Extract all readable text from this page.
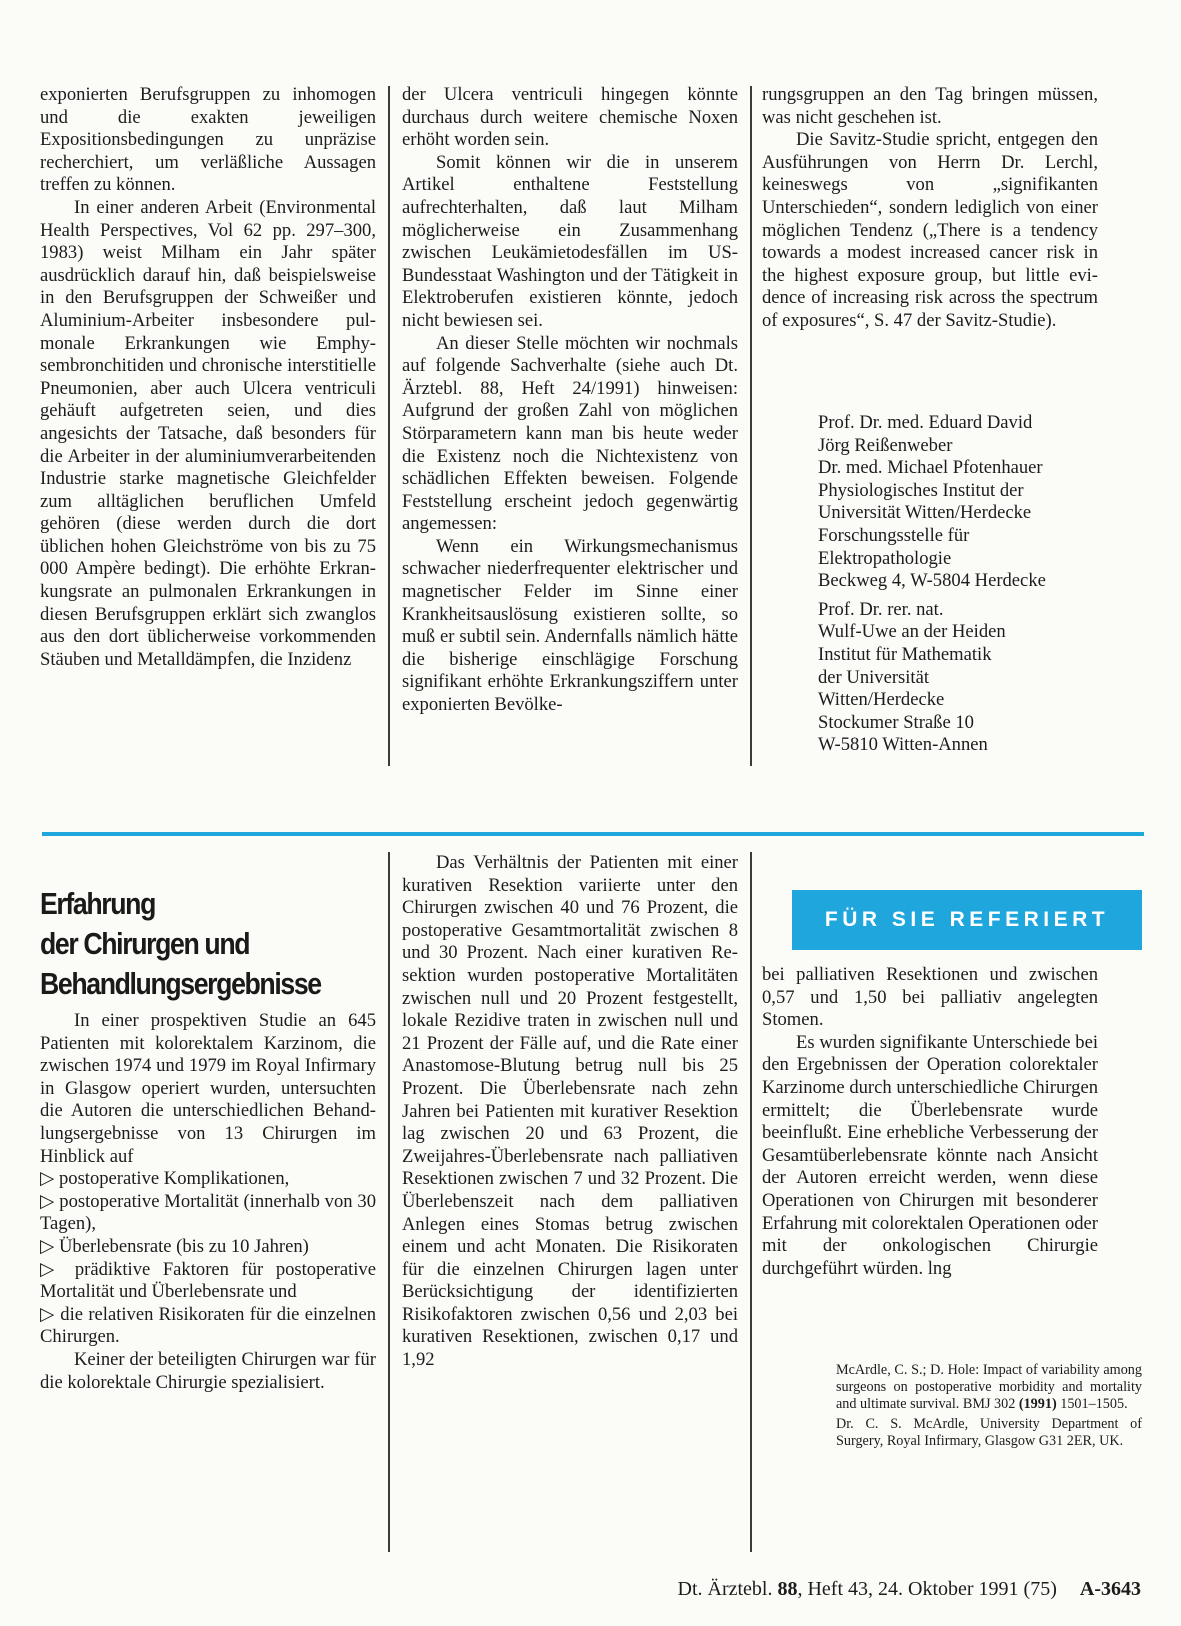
exponierten Berufsgruppen zu inhomogen und die exakten jeweiligen Expositionsbedingungen zu unpräzise recherchiert, um verläßliche Aussagen treffen zu können.

In einer anderen Arbeit (Environmental Health Perspectives, Vol 62 pp. 297–300, 1983) weist Milham ein Jahr später ausdrücklich darauf hin, daß beispielsweise in den Berufsgruppen der Schweißer und Aluminium-Arbeiter insbesondere pulmonale Erkrankungen wie Emphysembronchitiden und chronische interstitielle Pneumonien, aber auch Ulcera ventriculi gehäuft aufgetreten seien, und dies angesichts der Tatsache, daß besonders für die Arbeiter in der aluminiumverarbeitenden Industrie starke magnetische Gleichfelder zum alltäglichen beruflichen Umfeld gehören (diese werden durch die dort üblichen hohen Gleichströme von bis zu 75 000 Ampère bedingt). Die erhöhte Erkrankungsrate an pulmonalen Erkrankungen in diesen Berufsgruppen erklärt sich zwanglos aus den dort üblicherweise vorkommenden Stäuben und Metalldämpfen, die Inzidenz

der Ulcera ventriculi hingegen könnte durchaus durch weitere chemische Noxen erhöht worden sein.

Somit können wir die in unserem Artikel enthaltene Feststellung aufrechterhalten, daß laut Milham möglicherweise ein Zusammenhang zwischen Leukämietodesfällen im US-Bundesstaat Washington und der Tätigkeit in Elektroberufen existieren könnte, jedoch nicht bewiesen sei.

An dieser Stelle möchten wir nochmals auf folgende Sachverhalte (siehe auch Dt. Ärztebl. 88, Heft 24/1991) hinweisen: Aufgrund der großen Zahl von möglichen Störparametern kann man bis heute weder die Existenz noch die Nichtexistenz von schädlichen Effekten beweisen. Folgende Feststellung erscheint jedoch gegenwärtig angemessen:

Wenn ein Wirkungsmechanismus schwacher niederfrequenter elektrischer und magnetischer Felder im Sinne einer Krankheitsauslösung existieren sollte, so muß er subtil sein. Andernfalls nämlich hätte die bisherige einschlägige Forschung signifikant erhöhte Erkrankungsziffern unter exponierten Bevölke-

rungsgruppen an den Tag bringen müssen, was nicht geschehen ist.

Die Savitz-Studie spricht, entgegen den Ausführungen von Herrn Dr. Lerchl, keineswegs von „signifikanten Unterschieden“, sondern lediglich von einer möglichen Tendenz („There is a tendency towards a modest increased cancer risk in the highest exposure group, but little evidence of increasing risk across the spectrum of exposures“, S. 47 der Savitz-Studie).

Prof. Dr. med. Eduard David
Jörg Reißenweber
Dr. med. Michael Pfotenhauer
Physiologisches Institut der
Universität Witten/Herdecke
Forschungsstelle für
Elektropathologie
Beckweg 4, W-5804 Herdecke
Prof. Dr. rer. nat.
Wulf-Uwe an der Heiden
Institut für Mathematik
der Universität
Witten/Herdecke
Stockumer Straße 10
W-5810 Witten-Annen
Erfahrung
der Chirurgen und
Behandlungsergebnisse

In einer prospektiven Studie an 645 Patienten mit kolorektalem Karzinom, die zwischen 1974 und 1979 im Royal Infirmary in Glasgow operiert wurden, untersuchten die Autoren die unterschiedlichen Behandlungsergebnisse von 13 Chirurgen im Hinblick auf

▷ postoperative Komplikationen,
▷ postoperative Mortalität (innerhalb von 30 Tagen),
▷ Überlebensrate (bis zu 10 Jahren)
▷ prädiktive Faktoren für postoperative Mortalität und Überlebensrate und
▷ die relativen Risikoraten für die einzelnen Chirurgen.

Keiner der beteiligten Chirurgen war für die kolorektale Chirurgie spezialisiert.

Das Verhältnis der Patienten mit einer kurativen Resektion variierte unter den Chirurgen zwischen 40 und 76 Prozent, die postoperative Gesamtmortalität zwischen 8 und 30 Prozent. Nach einer kurativen Resektion wurden postoperative Mortalitäten zwischen null und 20 Prozent festgestellt, lokale Rezidive traten in zwischen null und 21 Prozent der Fälle auf, und die Rate einer Anastomose-Blutung betrug null bis 25 Prozent. Die Überlebensrate nach zehn Jahren bei Patienten mit kurativer Resektion lag zwischen 20 und 63 Prozent, die Zweijahres-Überlebensrate nach palliativen Resektionen zwischen 7 und 32 Prozent. Die Überlebenszeit nach dem palliativen Anlegen eines Stomas betrug zwischen einem und acht Monaten. Die Risikoraten für die einzelnen Chirurgen lagen unter Berücksichtigung der identifizierten Risikofaktoren zwischen 0,56 und 2,03 bei kurativen Resektionen, zwischen 0,17 und 1,92

FÜR SIE REFERIERT

bei palliativen Resektionen und zwischen 0,57 und 1,50 bei palliativ angelegten Stomen.

Es wurden signifikante Unterschiede bei den Ergebnissen der Operation colorektaler Karzinome durch unterschiedliche Chirurgen ermittelt; die Überlebensrate wurde beeinflußt. Eine erhebliche Verbesserung der Gesamtüberlebensrate könnte nach Ansicht der Autoren erreicht werden, wenn diese Operationen von Chirurgen mit besonderer Erfahrung mit colorektalen Operationen oder mit der onkologischen Chirurgie durchgeführt würden. lng

McArdle, C. S.; D. Hole: Impact of variability among surgeons on postoperative morbidity and mortality and ultimate survival. BMJ 302 (1991) 1501–1505.

Dr. C. S. McArdle, University Department of Surgery, Royal Infirmary, Glasgow G31 2ER, UK.

Dt. Ärztebl. 88, Heft 43, 24. Oktober 1991 (75) A-3643
